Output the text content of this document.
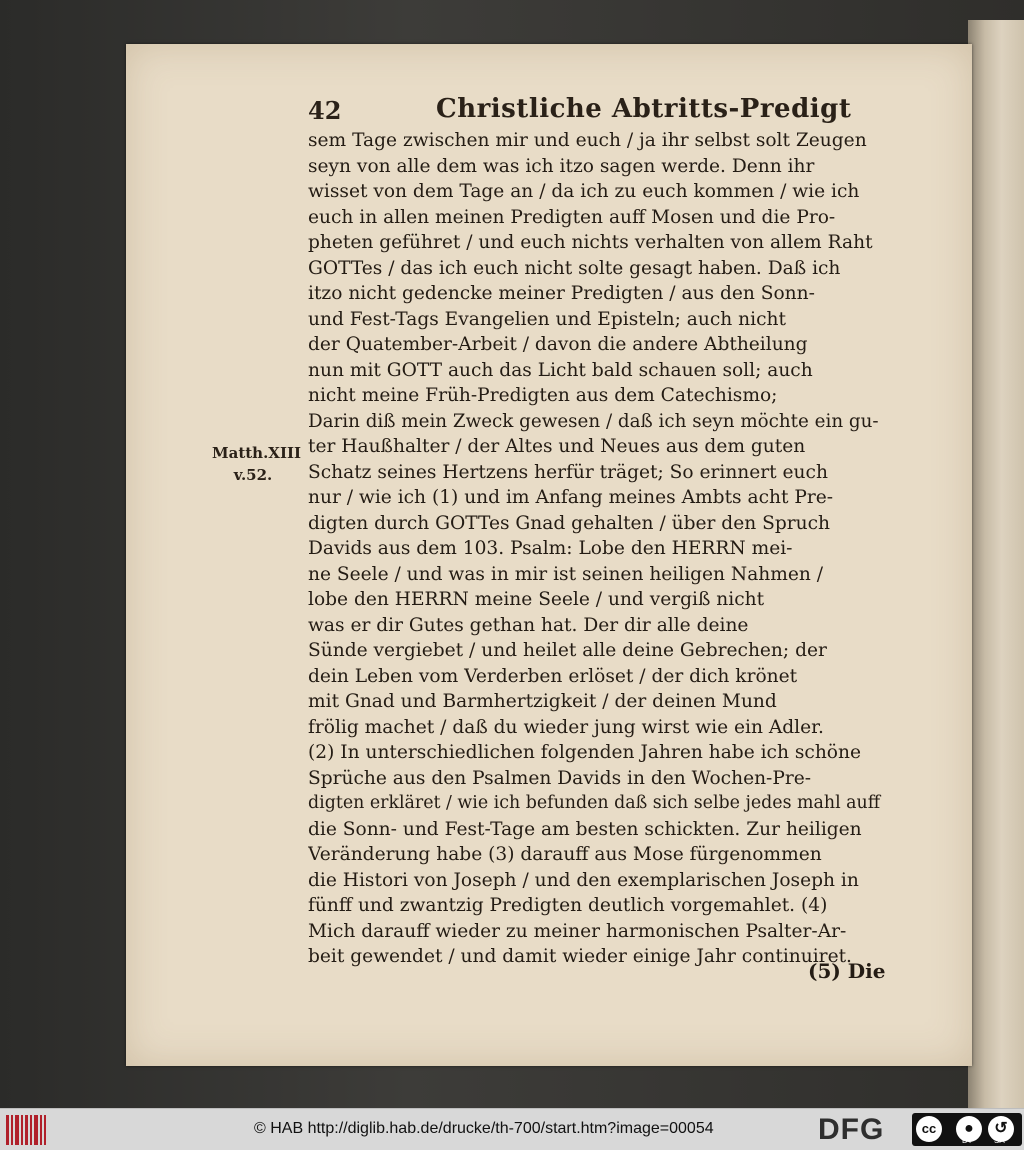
42	Christliche Abtritts-Predigt
Matth.XIII
v.52.
sem Tage zwischen mir und euch / ja ihr selbst solt Zeugen
seyn von alle dem was ich itzo sagen werde. Denn ihr
wisset von dem Tage an / da ich zu euch kommen / wie ich
euch in allen meinen Predigten auff Mosen und die Pro-
pheten geführet / und euch nichts verhalten von allem Raht
GOTTes / das ich euch nicht solte gesagt haben. Daß ich
itzo nicht gedencke meiner Predigten / aus den Sonn-
und Fest-Tags Evangelien und Episteln; auch nicht
der Quatember-Arbeit / davon die andere Abtheilung
nun mit GOTT auch das Licht bald schauen soll; auch
nicht meine Früh-Predigten aus dem Catechismo;
Darin diß mein Zweck gewesen / daß ich seyn möchte ein gu-
ter Haußhalter / der Altes und Neues aus dem guten
Schatz seines Hertzens herfür träget; So erinnert euch
nur / wie ich (1) und im Anfang meines Ambts acht Pre-
digten durch GOTTes Gnad gehalten / über den Spruch
Davids aus dem 103. Psalm: Lobe den HERRN mei-
ne Seele / und was in mir ist seinen heiligen Nahmen /
lobe den HERRN meine Seele / und vergiß nicht
was er dir Gutes gethan hat. Der dir alle deine
Sünde vergiebet / und heilet alle deine Gebrechen; der
dein Leben vom Verderben erlöset / der dich krönet
mit Gnad und Barmhertzigkeit / der deinen Mund
frölig machet / daß du wieder jung wirst wie ein Adler.
(2) In unterschiedlichen folgenden Jahren habe ich schöne
Sprüche aus den Psalmen Davids in den Wochen-Pre-
digten erkläret / wie ich befunden daß sich selbe jedes mahl auff
die Sonn- und Fest-Tage am besten schickten. Zur heiligen
Veränderung habe (3) darauff aus Mose fürgenommen
die Histori von Joseph / und den exemplarischen Joseph in
fünff und zwantzig Predigten deutlich vorgemahlet. (4)
Mich darauff wieder zu meiner harmonischen Psalter-Ar-
beit gewendet / und damit wieder einige Jahr continuiret.
(5) Die
© HAB http://diglib.hab.de/drucke/th-700/start.htm?image=00054	DFG	cc	●
BY
↺
SA
